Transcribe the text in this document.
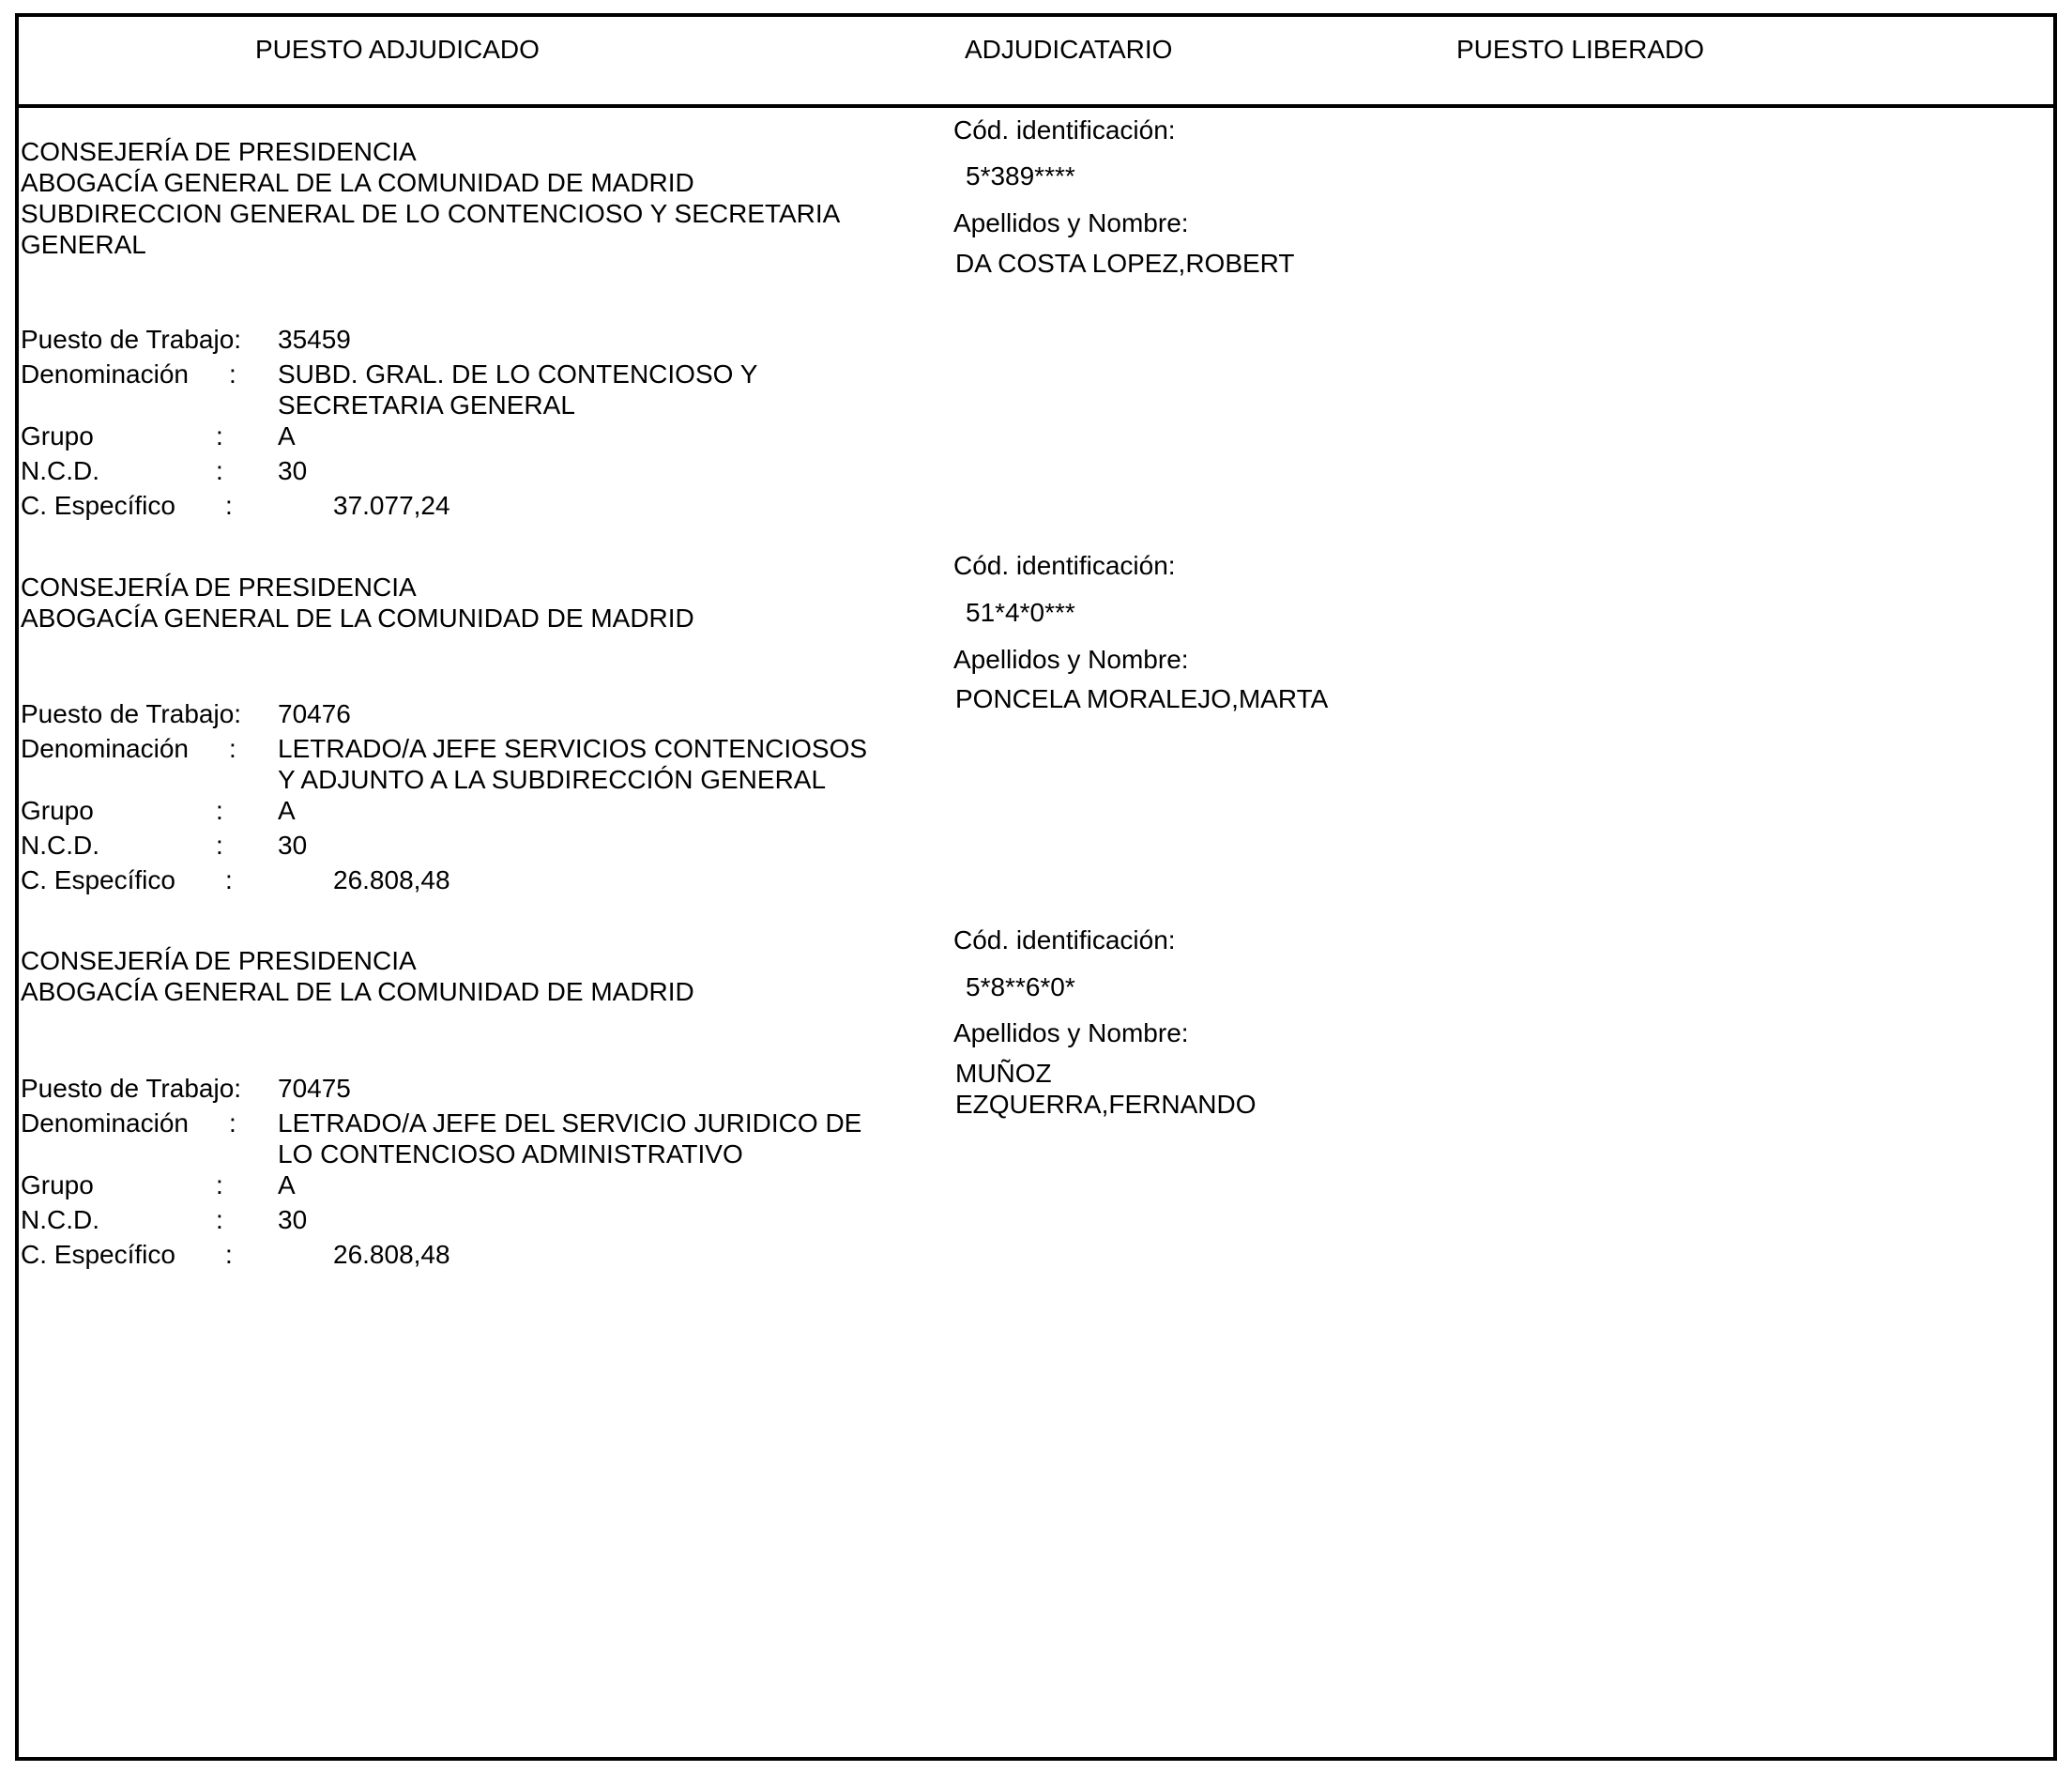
PUESTO ADJUDICADO	ADJUDICATARIO	PUESTO LIBERADO
CONSEJERÍA DE PRESIDENCIA
ABOGACÍA GENERAL DE LA COMUNIDAD DE MADRID
SUBDIRECCION GENERAL DE LO CONTENCIOSO Y SECRETARIA
GENERAL
Puesto de Trabajo: 35459
Denominación : SUBD. GRAL. DE LO CONTENCIOSO Y
SECRETARIA GENERAL
Grupo	: A
N.C.D.	: 30
C. Específico :	37.077,24
Cód. identificación:
5*389****
Apellidos y Nombre:
DA COSTA LOPEZ,ROBERT
CONSEJERÍA DE PRESIDENCIA
ABOGACÍA GENERAL DE LA COMUNIDAD DE MADRID
Puesto de Trabajo: 70476
Denominación : LETRADO/A JEFE SERVICIOS CONTENCIOSOS
Y ADJUNTO A LA SUBDIRECCIÓN GENERAL
Grupo	: A
N.C.D.	: 30
C. Específico :	26.808,48
Cód. identificación:
51*4*0***
Apellidos y Nombre:
PONCELA MORALEJO,MARTA
CONSEJERÍA DE PRESIDENCIA
ABOGACÍA GENERAL DE LA COMUNIDAD DE MADRID
Puesto de Trabajo: 70475
Denominación : LETRADO/A JEFE DEL SERVICIO JURIDICO DE
LO CONTENCIOSO ADMINISTRATIVO
Grupo	: A
N.C.D.	: 30
C. Específico :	26.808,48
Cód. identificación:
5*8**6*0*
Apellidos y Nombre:
MUÑOZ
EZQUERRA,FERNANDO
